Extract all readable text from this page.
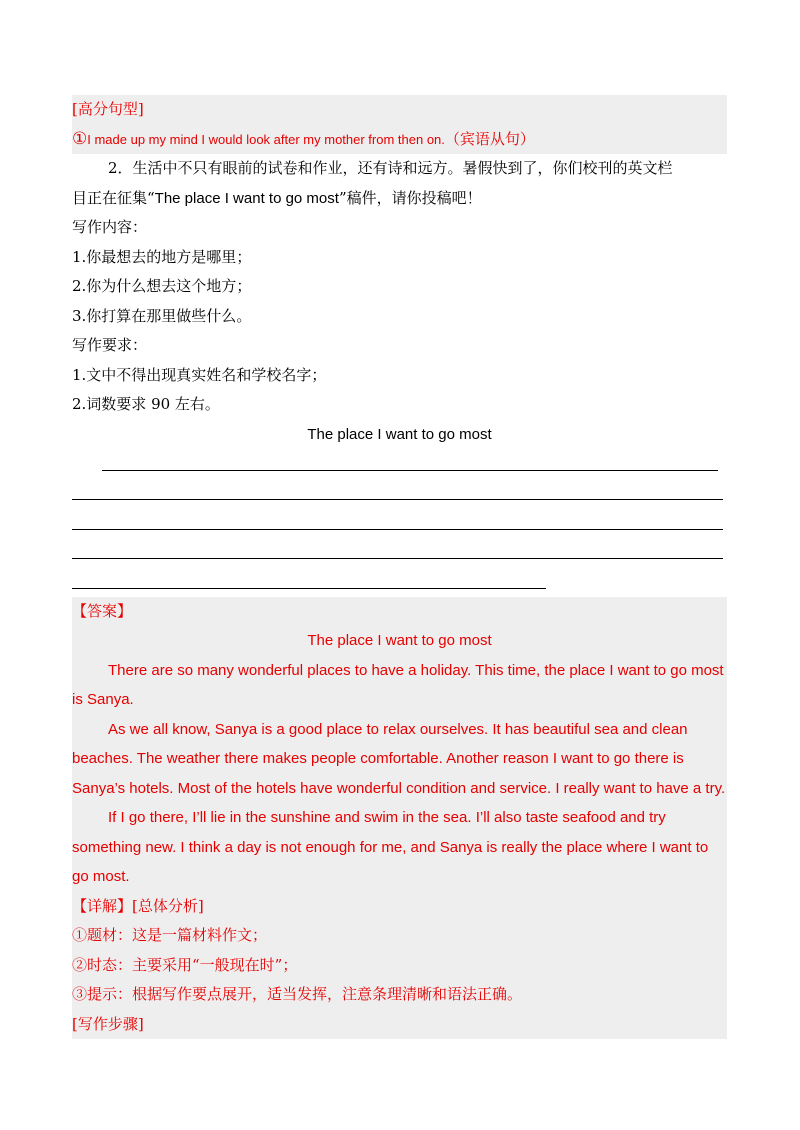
[高分句型]
①I made up my mind I would look after my mother from then on.（宾语从句）
2．生活中不只有眼前的试卷和作业，还有诗和远方。暑假快到了，你们校刊的英文栏
目正在征集“The place I want to go most”稿件，请你投稿吧！
写作内容：
1.你最想去的地方是哪里；
2.你为什么想去这个地方；
3.你打算在那里做些什么。
写作要求：
1.文中不得出现真实姓名和学校名字；
2.词数要求 90 左右。
The place I want to go most
【答案】
The place I want to go most
There are so many wonderful places to have a holiday. This time, the place I want to go most is Sanya.
As we all know, Sanya is a good place to relax ourselves. It has beautiful sea and clean beaches. The weather there makes people comfortable. Another reason I want to go there is Sanya’s hotels. Most of the hotels have wonderful condition and service. I really want to have a try.
If I go there, I’ll lie in the sunshine and swim in the sea. I’ll also taste seafood and try something new. I think a day is not enough for me, and Sanya is really the place where I want to go most.
【详解】[总体分析]
①题材：这是一篇材料作文；
②时态：主要采用“一般现在时”；
③提示：根据写作要点展开，适当发挥，注意条理清晰和语法正确。
[写作步骤]
